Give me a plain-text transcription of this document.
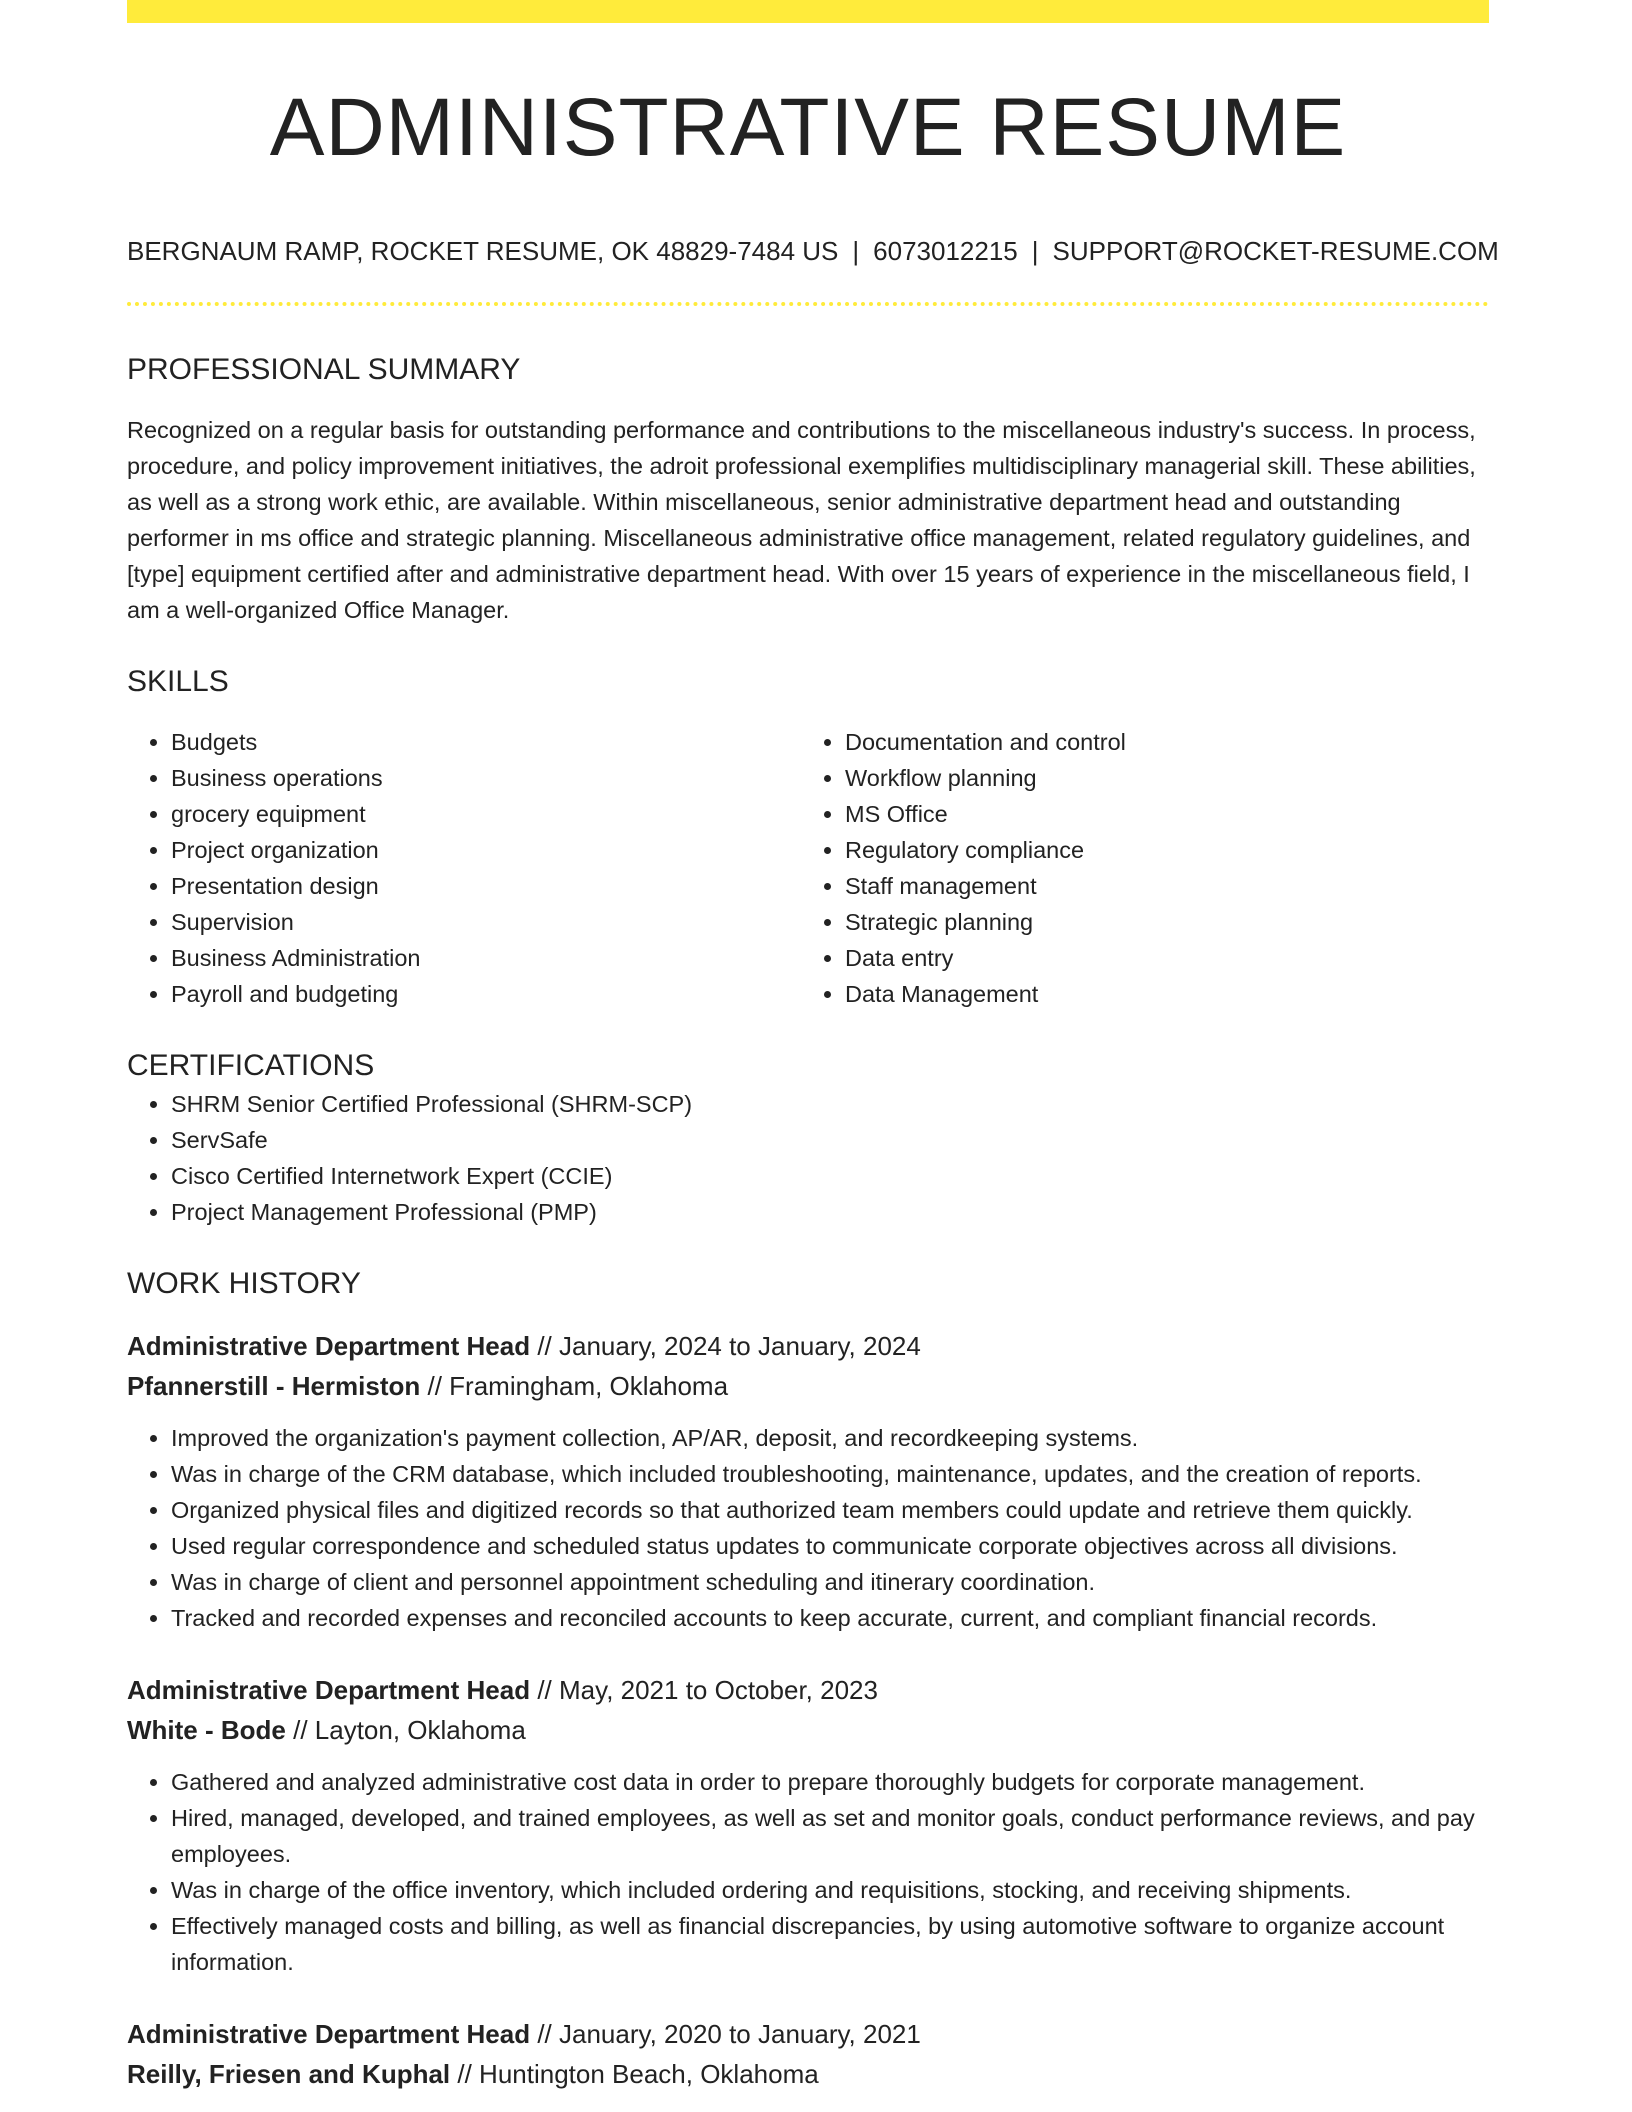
ADMINISTRATIVE RESUME
BERGNAUM RAMP, ROCKET RESUME, OK 48829-7484 US | 6073012215 | SUPPORT@ROCKET-RESUME.COM
PROFESSIONAL SUMMARY
Recognized on a regular basis for outstanding performance and contributions to the miscellaneous industry's success. In process, procedure, and policy improvement initiatives, the adroit professional exemplifies multidisciplinary managerial skill. These abilities, as well as a strong work ethic, are available. Within miscellaneous, senior administrative department head and outstanding performer in ms office and strategic planning. Miscellaneous administrative office management, related regulatory guidelines, and [type] equipment certified after and administrative department head. With over 15 years of experience in the miscellaneous field, I am a well-organized Office Manager.
SKILLS
• Budgets
• Business operations
• grocery equipment
• Project organization
• Presentation design
• Supervision
• Business Administration
• Payroll and budgeting
• Documentation and control
• Workflow planning
• MS Office
• Regulatory compliance
• Staff management
• Strategic planning
• Data entry
• Data Management
CERTIFICATIONS
• SHRM Senior Certified Professional (SHRM-SCP)
• ServSafe
• Cisco Certified Internetwork Expert (CCIE)
• Project Management Professional (PMP)
WORK HISTORY
Administrative Department Head // January, 2024 to January, 2024
Pfannerstill - Hermiston // Framingham, Oklahoma
• Improved the organization's payment collection, AP/AR, deposit, and recordkeeping systems.
• Was in charge of the CRM database, which included troubleshooting, maintenance, updates, and the creation of reports.
• Organized physical files and digitized records so that authorized team members could update and retrieve them quickly.
• Used regular correspondence and scheduled status updates to communicate corporate objectives across all divisions.
• Was in charge of client and personnel appointment scheduling and itinerary coordination.
• Tracked and recorded expenses and reconciled accounts to keep accurate, current, and compliant financial records.
Administrative Department Head // May, 2021 to October, 2023
White - Bode // Layton, Oklahoma
• Gathered and analyzed administrative cost data in order to prepare thoroughly budgets for corporate management.
• Hired, managed, developed, and trained employees, as well as set and monitor goals, conduct performance reviews, and pay employees.
• Was in charge of the office inventory, which included ordering and requisitions, stocking, and receiving shipments.
• Effectively managed costs and billing, as well as financial discrepancies, by using automotive software to organize account information.
Administrative Department Head // January, 2020 to January, 2021
Reilly, Friesen and Kuphal // Huntington Beach, Oklahoma
